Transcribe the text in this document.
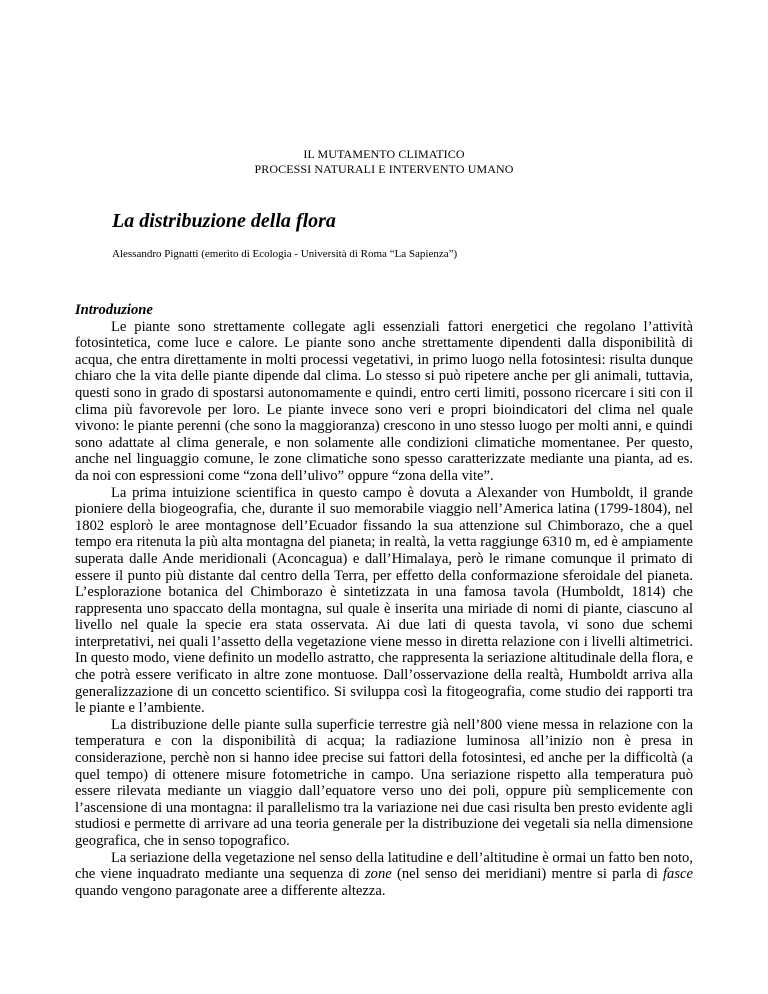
IL MUTAMENTO CLIMATICO
PROCESSI NATURALI E INTERVENTO UMANO
La distribuzione della flora
Alessandro Pignatti (emerito di Ecologia - Università di Roma “La Sapienza”)
Introduzione

Le piante sono strettamente collegate agli essenziali fattori energetici che regolano l’attività fotosintetica, come luce e calore. Le piante sono anche strettamente dipendenti dalla disponibilità di acqua, che entra direttamente in molti processi vegetativi, in primo luogo nella fotosintesi: risulta dunque chiaro che la vita delle piante dipende dal clima. Lo stesso si può ripetere anche per gli animali, tuttavia, questi sono in grado di spostarsi autonomamente e quindi, entro certi limiti, possono ricercare i siti con il clima più favorevole per loro. Le piante invece sono veri e propri bioindicatori del clima nel quale vivono: le piante perenni (che sono la maggioranza) crescono in uno stesso luogo per molti anni, e quindi sono adattate al clima generale, e non solamente alle condizioni climatiche momentanee. Per questo, anche nel linguaggio comune, le zone climatiche sono spesso caratterizzate mediante una pianta, ad es. da noi con espressioni come “zona dell’ulivo” oppure “zona della vite”.

La prima intuizione scientifica in questo campo è dovuta a Alexander von Humboldt, il grande pioniere della biogeografia, che, durante il suo memorabile viaggio nell’America latina (1799-1804), nel 1802 esplorò le aree montagnose dell’Ecuador fissando la sua attenzione sul Chimborazo, che a quel tempo era ritenuta la più alta montagna del pianeta; in realtà, la vetta raggiunge 6310 m, ed è ampiamente superata dalle Ande meridionali (Aconcagua) e dall’Himalaya, però le rimane comunque il primato di essere il punto più distante dal centro della Terra, per effetto della conformazione sferoidale del pianeta. L’esplorazione botanica del Chimborazo è sintetizzata in una famosa tavola (Humboldt, 1814) che rappresenta uno spaccato della montagna, sul quale è inserita una miriade di nomi di piante, ciascuno al livello nel quale la specie era stata osservata. Ai due lati di questa tavola, vi sono due schemi interpretativi, nei quali l’assetto della vegetazione viene messo in diretta relazione con i livelli altimetrici. In questo modo, viene definito un modello astratto, che rappresenta la seriazione altitudinale della flora, e che potrà essere verificato in altre zone montuose. Dall’osservazione della realtà, Humboldt arriva alla generalizzazione di un concetto scientifico. Si sviluppa così la fitogeografia, come studio dei rapporti tra le piante e l’ambiente.

La distribuzione delle piante sulla superficie terrestre già nell’800 viene messa in relazione con la temperatura e con la disponibilità di acqua; la radiazione luminosa all’inizio non è presa in considerazione, perchè non si hanno idee precise sui fattori della fotosintesi, ed anche per la difficoltà (a quel tempo) di ottenere misure fotometriche in campo. Una seriazione rispetto alla temperatura può essere rilevata mediante un viaggio dall’equatore verso uno dei poli, oppure più semplicemente con l’ascensione di una montagna: il parallelismo tra la variazione nei due casi risulta ben presto evidente agli studiosi e permette di arrivare ad una teoria generale per la distribuzione dei vegetali sia nella dimensione geografica, che in senso topografico.

La seriazione della vegetazione nel senso della latitudine e dell’altitudine è ormai un fatto ben noto, che viene inquadrato mediante una sequenza di zone (nel senso dei meridiani) mentre si parla di fasce quando vengono paragonate aree a differente altezza.
